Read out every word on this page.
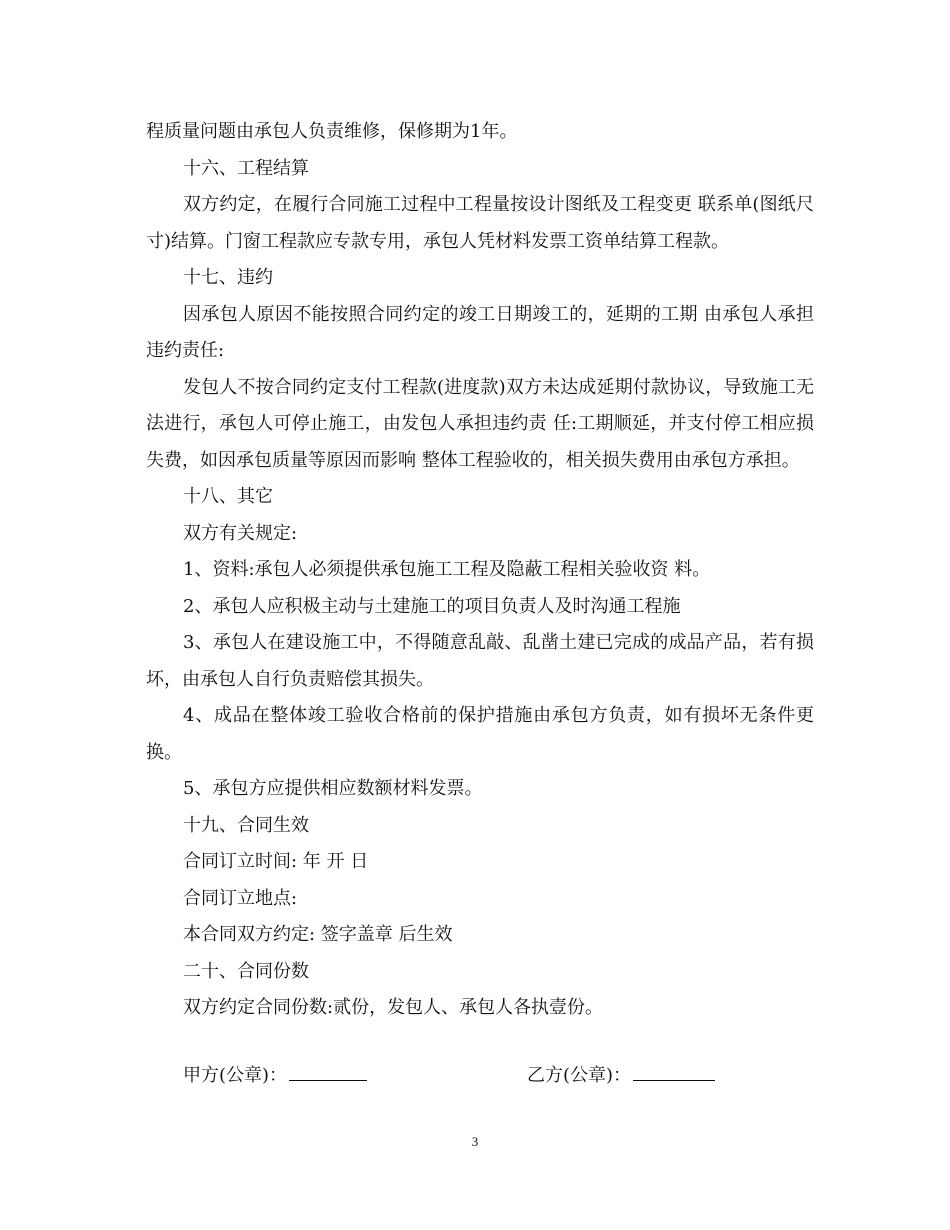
程质量问题由承包人负责维修，保修期为1年。

十六、工程结算

双方约定，在履行合同施工过程中工程量按设计图纸及工程变更 联系单(图纸尺寸)结算。门窗工程款应专款专用，承包人凭材料发票工资单结算工程款。

十七、违约

因承包人原因不能按照合同约定的竣工日期竣工的，延期的工期 由承包人承担违约责任:

发包人不按合同约定支付工程款(进度款)双方未达成延期付款协议，导致施工无法进行，承包人可停止施工，由发包人承担违约责 任:工期顺延，并支付停工相应损失费，如因承包质量等原因而影响 整体工程验收的，相关损失费用由承包方承担。

十八、其它

双方有关规定:

1、资料:承包人必须提供承包施工工程及隐蔽工程相关验收资 料。

2、承包人应积极主动与土建施工的项目负责人及时沟通工程施

3、承包人在建设施工中，不得随意乱敲、乱凿土建已完成的成品产品，若有损坏，由承包人自行负责赔偿其损失。

4、成品在整体竣工验收合格前的保护措施由承包方负责，如有损坏无条件更换。

5、承包方应提供相应数额材料发票。

十九、合同生效

合同订立时间: 年 开 日

合同订立地点:

本合同双方约定: 签字盖章 后生效

二十、合同份数

双方约定合同份数:贰份，发包人、承包人各执壹份。

甲方(公章)：	乙方(公章)：
3
